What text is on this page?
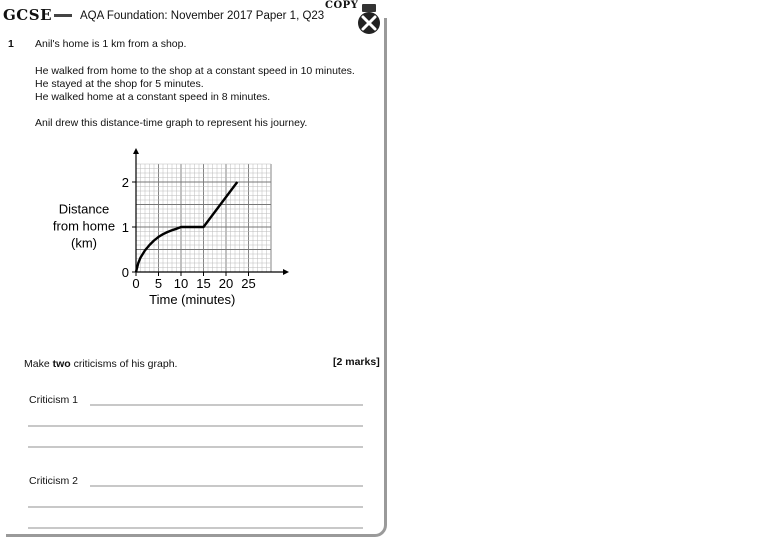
GCSE AQA Foundation: November 2017 Paper 1, Q23
COPY
1 Anil's home is 1 km from a shop.
He walked from home to the shop at a constant speed in 10 minutes.
He stayed at the shop for 5 minutes.
He walked home at a constant speed in 8 minutes.
Anil drew this distance-time graph to represent his journey.
0 5 10 15 20 25
0
1
2
Time (minutes)
Distance
from home
(km)
Make two criticisms of his graph.	[2 marks]
Criticism 1
Criticism 2
